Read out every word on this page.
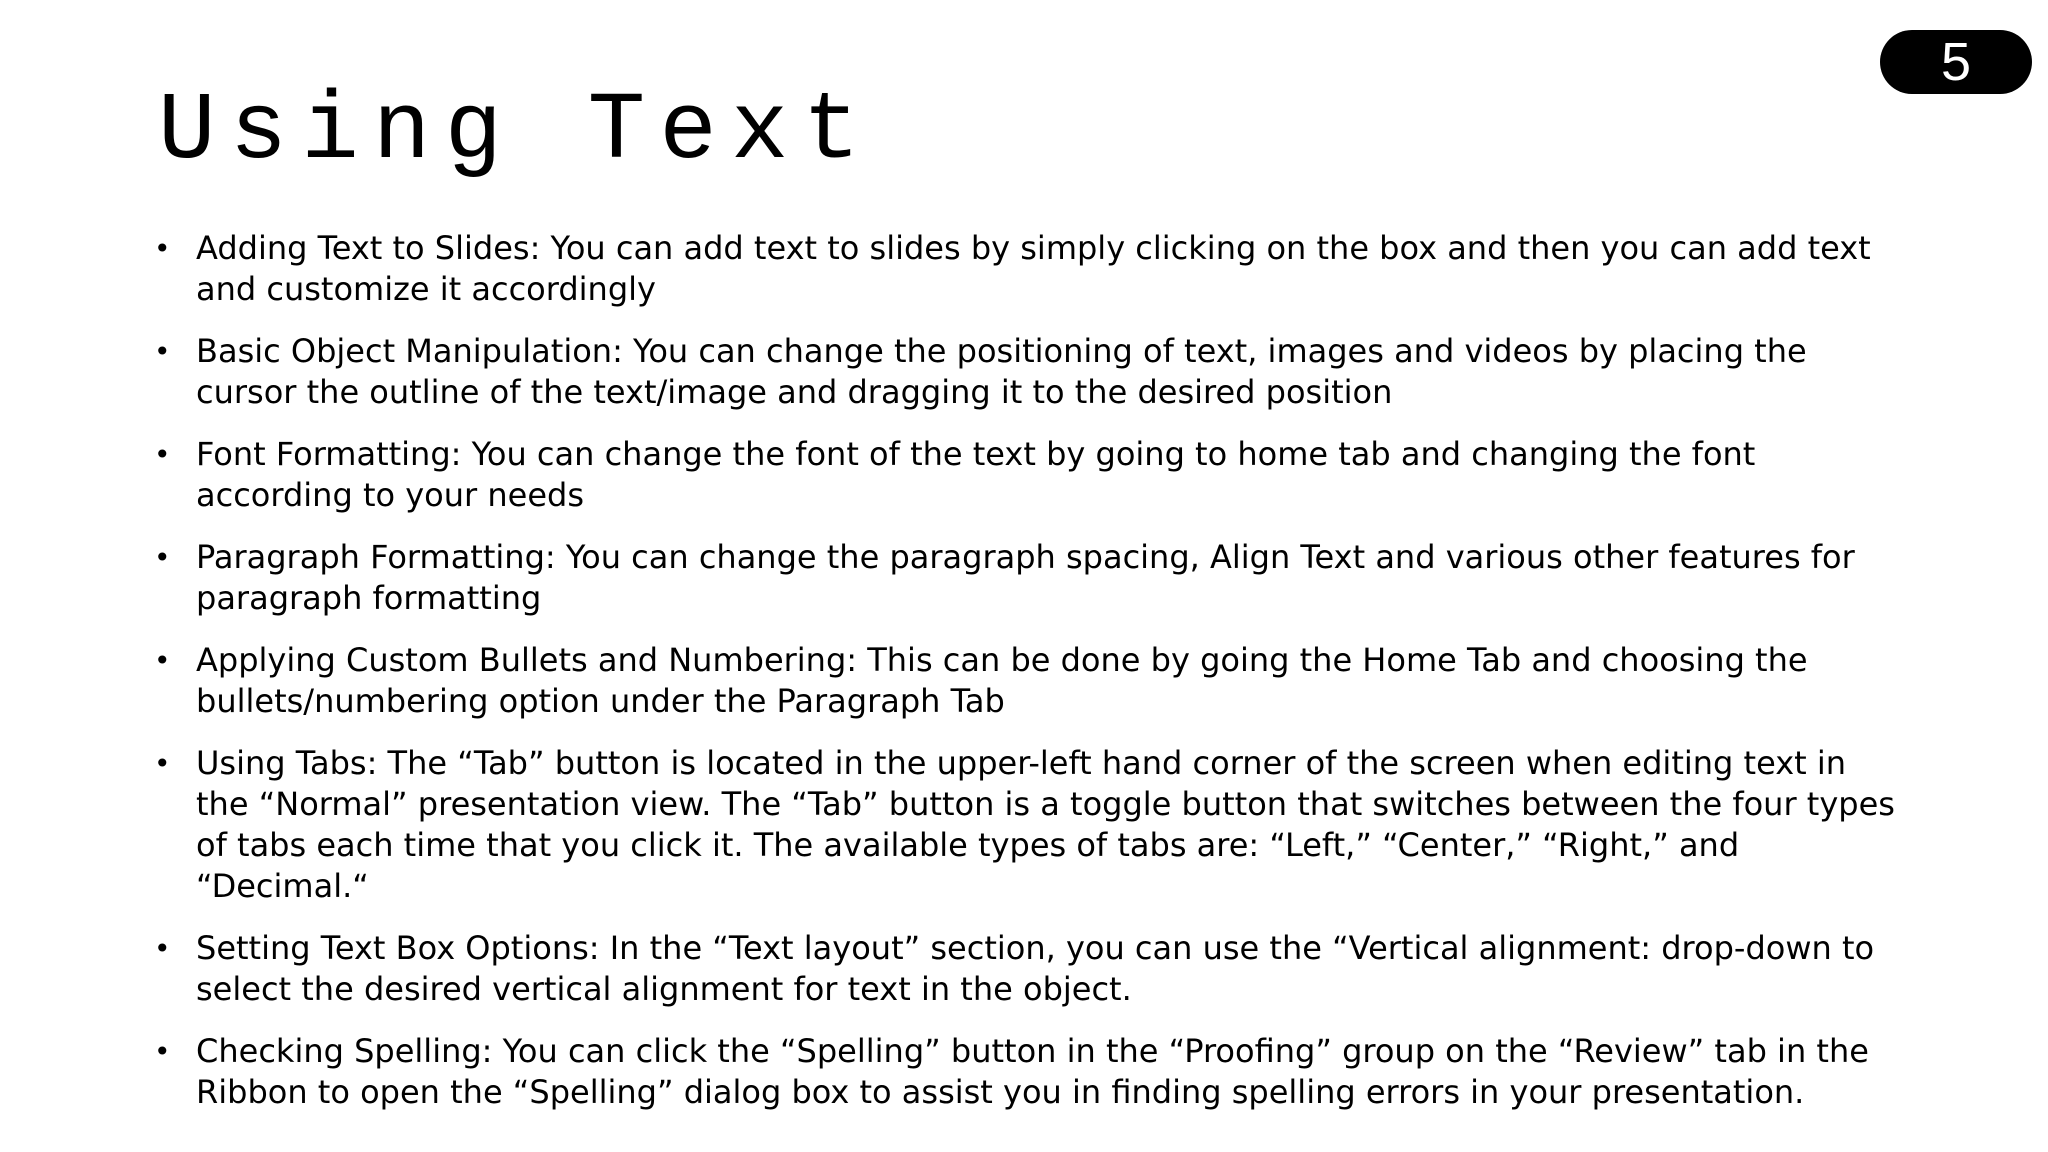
5
Using Text
• Adding Text to Slides: You can add text to slides by simply clicking on the box and then you can add text and customize it accordingly
• Basic Object Manipulation: You can change the positioning of text, images and videos by placing the cursor the outline of the text/image and dragging it to the desired position
• Font Formatting: You can change the font of the text by going to home tab and changing the font according to your needs
• Paragraph Formatting: You can change the paragraph spacing, Align Text and various other features for paragraph formatting
• Applying Custom Bullets and Numbering: This can be done by going the Home Tab and choosing the bullets/numbering option under the Paragraph Tab
• Using Tabs: The “Tab” button is located in the upper-left hand corner of the screen when editing text in the “Normal” presentation view. The “Tab” button is a toggle button that switches between the four types of tabs each time that you click it. The available types of tabs are: “Left,” “Center,” “Right,” and “Decimal.“
• Setting Text Box Options: In the “Text layout” section, you can use the “Vertical alignment: drop-down to select the desired vertical alignment for text in the object.
• Checking Spelling: You can click the “Spelling” button in the “Proofing” group on the “Review” tab in the Ribbon to open the “Spelling” dialog box to assist you in finding spelling errors in your presentation.
